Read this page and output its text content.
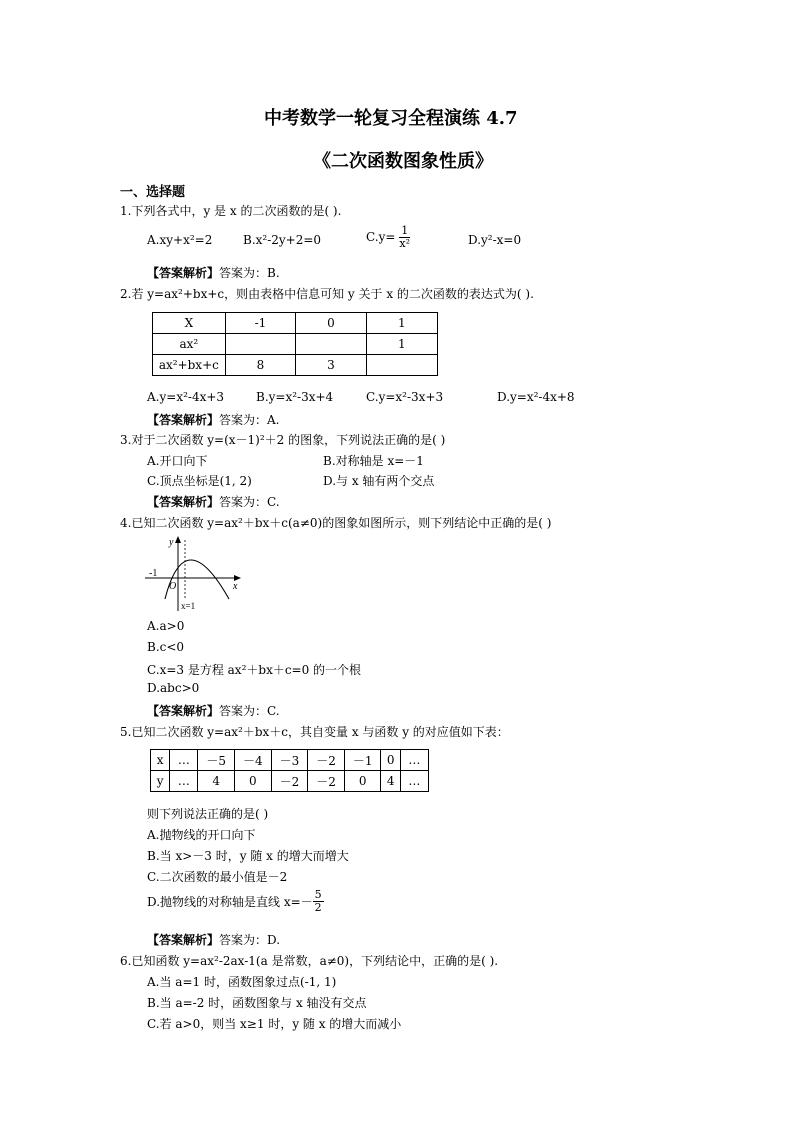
中考数学一轮复习全程演练 4.7
《二次函数图象性质》
一、选择题
1.下列各式中，y 是 x 的二次函数的是( ).
A.xy+x²=2	B.x²-2y+2=0	$C.y= \frac{1}{\text{x²}}$	D.y²-x=0
【答案解析】答案为：B.
2.若 y=ax²+bx+c，则由表格中信息可知 y 关于 x 的二次函数的表达式为( ).
X	-1	0	1
ax²			1
ax²+bx+c	8	3	
A.y=x²-4x+3	B.y=x²-3x+4	C.y=x²-3x+3	D.y=x²-4x+8
【答案解析】答案为：A.
3.对于二次函数 y=(x－1)²＋2 的图象，下列说法正确的是( )
A.开口向下	B.对称轴是 x=－1
C.顶点坐标是(1, 2)	D.与 x 轴有两个交点
【答案解析】答案为：C.
4.已知二次函数 y=ax²＋bx＋c(a≠0)的图象如图所示，则下列结论中正确的是( )
y
x
O
-1
x=1
A.a>0
B.c<0
C.x=3 是方程 ax²＋bx＋c=0 的一个根
D.abc>0
【答案解析】答案为：C.
5.已知二次函数 y=ax²＋bx＋c，其自变量 x 与函数 y 的对应值如下表：
x	…	－5	－4	－3	－2	－1	0	…
y	…	4	0	－2	－2	0	4	…
则下列说法正确的是( )
A.抛物线的开口向下
B.当 x>－3 时，y 随 x 的增大而增大
C.二次函数的最小值是－2
D.抛物线的对称轴是直线 $x=- \frac{5}{2}$
【答案解析】答案为：D.
6.已知函数 y=ax²-2ax-1(a 是常数，a≠0)，下列结论中，正确的是( ).
A.当 a=1 时，函数图象过点(-1, 1)
B.当 a=-2 时，函数图象与 x 轴没有交点
C.若 a>0，则当 x≥1 时，y 随 x 的增大而减小
